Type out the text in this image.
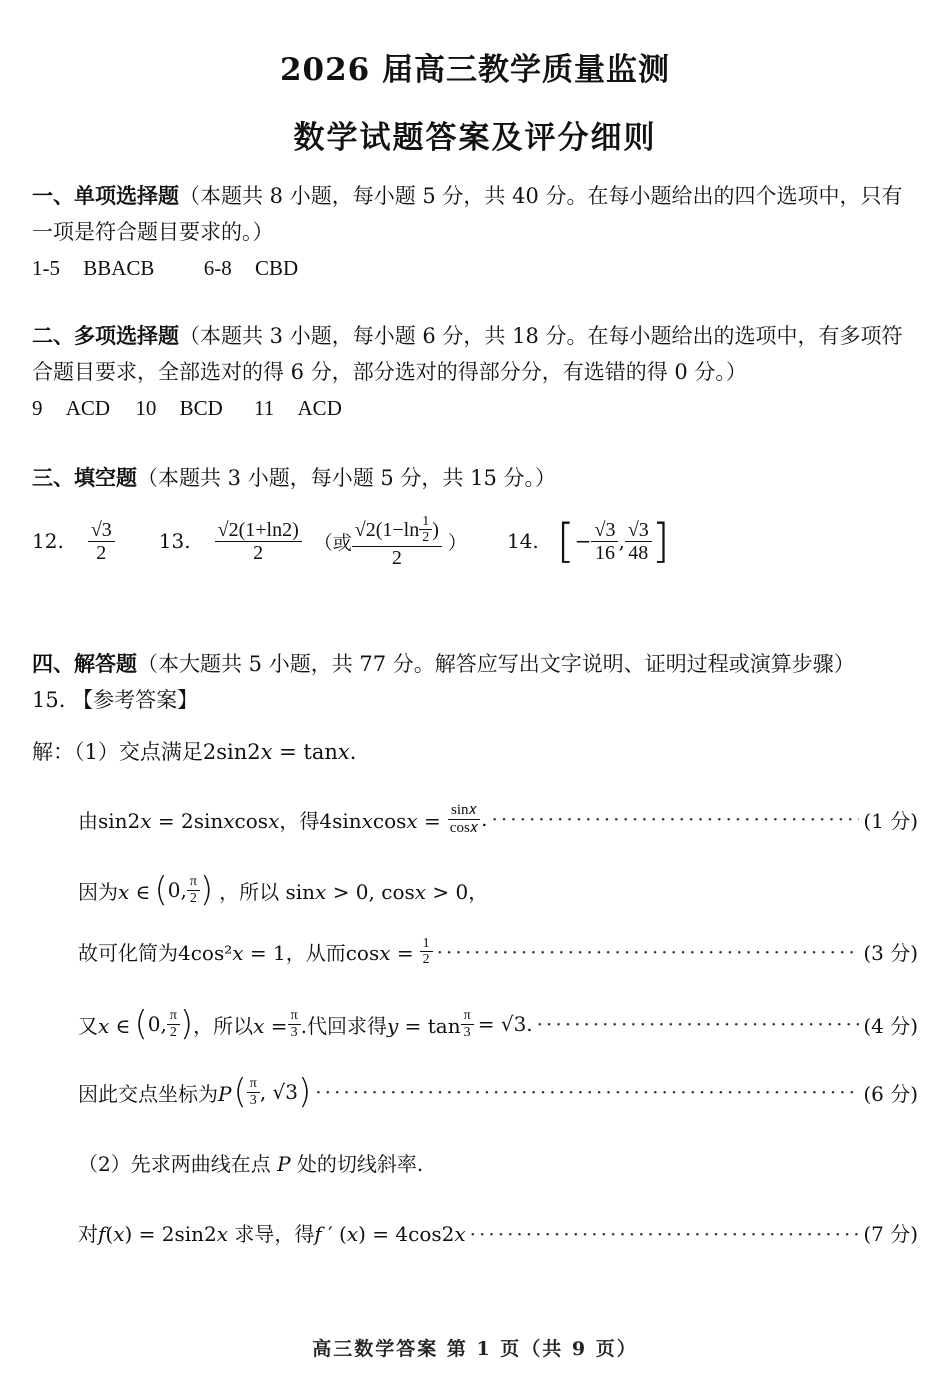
2026 届高三教学质量监测
数学试题答案及评分细则
一、单项选择题（本题共 8 小题，每小题 5 分，共 40 分。在每小题给出的四个选项中，只有一项是符合题目要求的。）
1-5 BBACB 6-8 CBD
二、多项选择题（本题共 3 小题，每小题 6 分，共 18 分。在每小题给出的选项中，有多项符合题目要求，全部选对的得 6 分，部分选对的得部分分，有选错的得 0 分。）
9 ACD 10 BCD 11 ACD
三、填空题（本题共 3 小题，每小题 5 分，共 15 分。）
12. $\frac{√3}{2} 13$. $\frac{√2(1+\ln 2)}{2}$ （或 $\frac{√2(1-\ln \frac{1}{2} )}{2}$ ） 14. [ − $\frac{√3}{16}$ , $\frac{√3}{48}$ ]
四、解答题（本大题共 5 小题，共 77 分。解答应写出文字说明、证明过程或演算步骤）
15. 【参考答案】
解：（1）交点满足2sin2𝑥 = tan𝑥.
由sin2𝑥 = 2sin𝑥cos𝑥，得4sin𝑥cos𝑥 = $\frac{\text{sin𝑥}}{\text{cos𝑥}}$ . ·····	(1 分)
因为𝑥 ∈ ( 0, $\frac{\pi}{2}$ ) ，所以 sin𝑥 > 0, cos𝑥 > 0，
故可化简为4cos²𝑥 = 1，从而cos𝑥 = $\frac{1}{2}$ ·····	(3 分)
又𝑥 ∈ ( 0, $\frac{\pi}{2}$ ) ，所以𝑥 = $\frac{\pi}{3}$ .代回求得𝑦 = $\tan \frac{\pi}{3} = √3$. ·····	(4 分)
因此交点坐标为𝑃 ( $\frac{\pi}{3}$ , √3 ) ·····	(6 分)
（2）先求两曲线在点 𝑃 处的切线斜率.
对𝑓(𝑥) = 2sin2𝑥 求导，得𝑓 ′ (𝑥) = 4cos2𝑥 ·····	(7 分)
高三数学答案 第 1 页（共 9 页）
